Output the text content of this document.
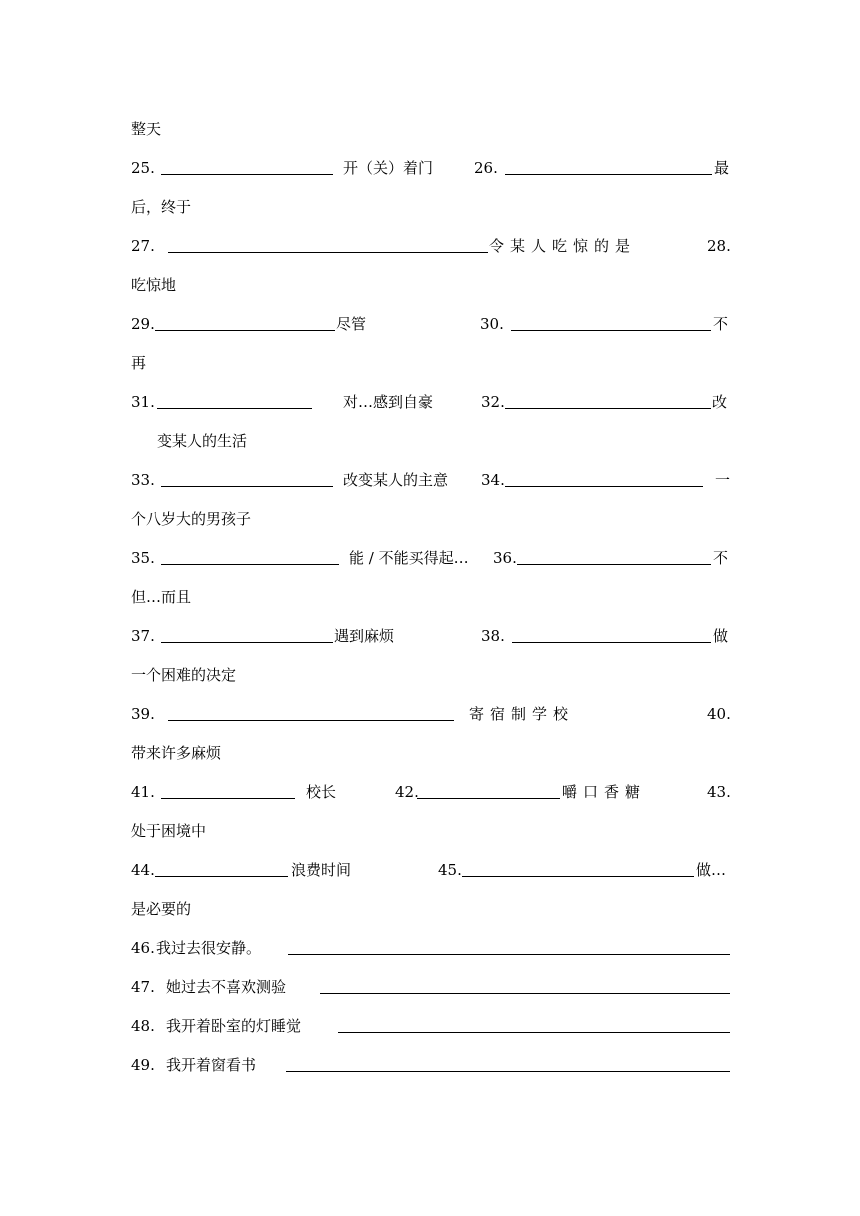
整天
25.	开（关）着门	26.	最
后，终于
27.	令某人吃惊的是	28.
吃惊地
29.	尽管	30.	不
再
31.	对…感到自豪	32.	改
变某人的生活
33.	改变某人的主意 34.	一
个八岁大的男孩子
35.	能 / 不能买得起… 36.	不
但…而且
37.	遇到麻烦	38.	做
一个困难的决定
39.	寄宿制学校	40.
带来许多麻烦
41.	校长	42.	嚼口香糖	43.
处于困境中
44.	浪费时间	45.	做…
是必要的
46. 我过去很安静。
47. 她过去不喜欢测验
48. 我开着卧室的灯睡觉
49. 我开着窗看书
